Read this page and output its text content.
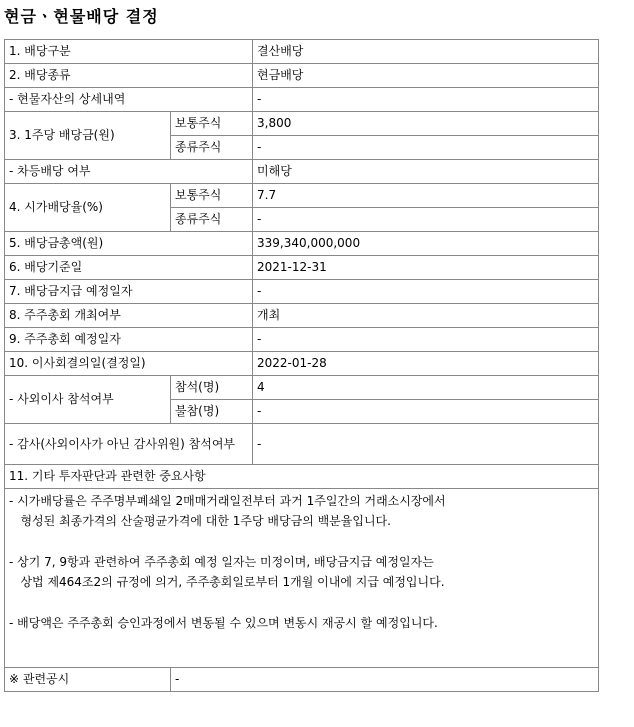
현금ㆍ현물배당 결정
1. 배당구분		결산배당
2. 배당종류		현금배당
- 현물자산의 상세내역		-
3. 1주당 배당금(원)	보통주식	3,800
	종류주식	-
- 차등배당 여부		미해당
4. 시가배당율(%)	보통주식	7.7
	종류주식	-
5. 배당금총액(원)		339,340,000,000
6. 배당기준일		2021-12-31
7. 배당금지급 예정일자		-
8. 주주총회 개최여부		개최
9. 주주총회 예정일자		-
10. 이사회결의일(결정일)		2022-01-28
- 사외이사 참석여부	참석(명)	4
	불참(명)	-
- 감사(사외이사가 아닌 감사위원) 참석여부		-
11. 기타 투자판단과 관련한 중요사항		

- 시가배당률은 주주명부폐쇄일 2매매거래일전부터 과거 1주일간의 거래소시장에서
형성된 최종가격의 산술평균가격에 대한 1주당 배당금의 백분율입니다.
- 상기 7, 9항과 관련하여 주주총회 예정 일자는 미정이며, 배당금지급 예정일자는
상법 제464조2의 규정에 의거, 주주총회일로부터 1개월 이내에 지급 예정입니다.
- 배당액은 주주총회 승인과정에서 변동될 수 있으며 변동시 재공시 할 예정입니다.		

※ 관련공시	-	
